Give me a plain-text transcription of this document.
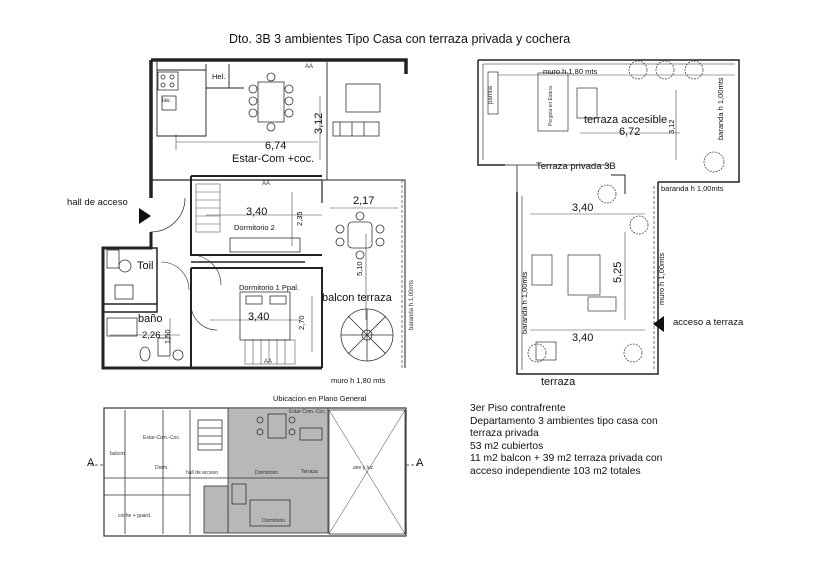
Dto. 3B 3 ambientes Tipo Casa con terraza privada y cochera
Hel.
lav.
AA
6,74
3,12
Estar-Com +coc.
hall de acceso
AA
3,40
Dormitorio 2
2,35
2,17
Toil	5,10
baranda h 1,00mts
Dormitorio 1 Ppal.
balcon terraza
3,40	2,70
baño
2,26 1,50
AA
muro h 1,80 mts
muro h 1,80 mts
parrilla	Pergola en Estera	terraza accesible
6,72	3,12	baranda h 1,00mts
Terraza privada 3B
baranda h 1,00mts
3,40
5,25
baranda h 1,00mts	muro h 1,00mts
acceso a terraza
3,40
terraza
Ubicacion en Plano General
A	A
Estar-Com.-Coc.
balcon
Dorm.
hall de acceso	Dormitorio	Terraza
aire y luz
Estar-Com.-Coc.
coche + guard.
Dormitorio
3er Piso contrafrente
Departamento 3 ambientes tipo casa con
terraza privada
53 m2 cubiertos
11 m2 balcon + 39 m2 terraza privada con
acceso independiente 103 m2 totales
